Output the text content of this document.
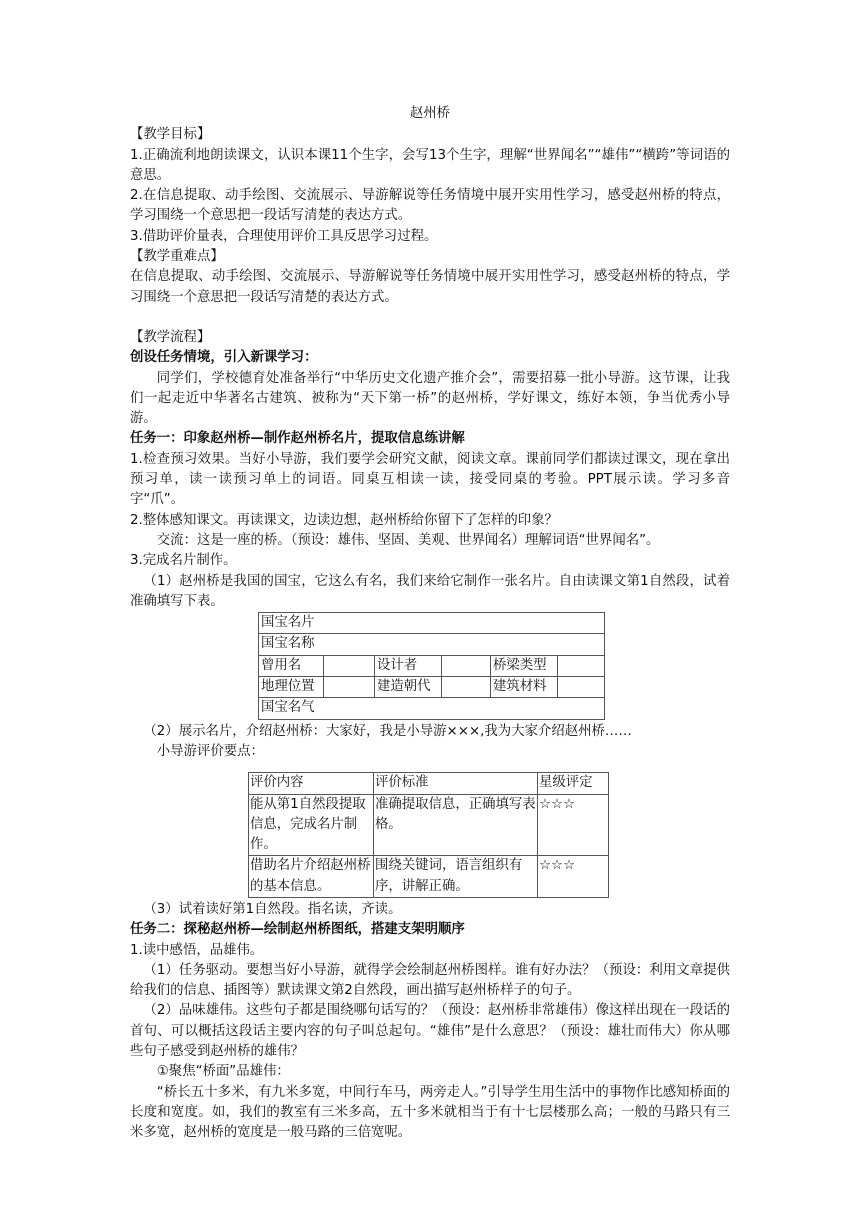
赵州桥
【教学目标】
1.正确流利地朗读课文，认识本课11个生字，会写13个生字，理解“世界闻名”“雄伟”“横跨”等词语的意思。
2.在信息提取、动手绘图、交流展示、导游解说等任务情境中展开实用性学习，感受赵州桥的特点，学习围绕一个意思把一段话写清楚的表达方式。
3.借助评价量表，合理使用评价工具反思学习过程。
【教学重难点】
在信息提取、动手绘图、交流展示、导游解说等任务情境中展开实用性学习，感受赵州桥的特点，学习围绕一个意思把一段话写清楚的表达方式。
【教学流程】
创设任务情境，引入新课学习：
同学们，学校德育处准备举行“中华历史文化遗产推介会”，需要招募一批小导游。这节课，让我们一起走近中华著名古建筑、被称为“天下第一桥”的赵州桥，学好课文，练好本领，争当优秀小导游。
任务一：印象赵州桥—制作赵州桥名片，提取信息练讲解
1.检查预习效果。当好小导游，我们要学会研究文献，阅读文章。课前同学们都读过课文，现在拿出预习单，读一读预习单上的词语。同桌互相读一读，接受同桌的考验。PPT展示读。学习多音字“爪”。
2.整体感知课文。再读课文，边读边想，赵州桥给你留下了怎样的印象？
交流：这是一座的桥。（预设：雄伟、坚固、美观、世界闻名）理解词语“世界闻名”。
3.完成名片制作。
（1）赵州桥是我国的国宝，它这么有名，我们来给它制作一张名片。自由读课文第1自然段，试着准确填写下表。
国宝名片					
国宝名称					
曾用名		设计者		桥梁类型	
地理位置		建造朝代		建筑材料	
国宝名气					
（2）展示名片，介绍赵州桥：大家好，我是小导游×××,我为大家介绍赵州桥……
小导游评价要点：
评价内容	评价标准	星级评定
能从第1自然段提取信息，完成名片制作。	准确提取信息，正确填写表格。	☆☆☆
借助名片介绍赵州桥的基本信息。	围绕关键词，语言组织有序，讲解正确。	☆☆☆
（3）试着读好第1自然段。指名读，齐读。
任务二：探秘赵州桥—绘制赵州桥图纸，搭建支架明顺序
1.读中感悟，品雄伟。
（1）任务驱动。要想当好小导游，就得学会绘制赵州桥图样。谁有好办法？（预设：利用文章提供给我们的信息、插图等）默读课文第2自然段，画出描写赵州桥样子的句子。
（2）品味雄伟。这些句子都是围绕哪句话写的？（预设：赵州桥非常雄伟）像这样出现在一段话的首句、可以概括这段话主要内容的句子叫总起句。“雄伟”是什么意思？（预设：雄壮而伟大）你从哪些句子感受到赵州桥的雄伟？
①聚焦“桥面”品雄伟：
“桥长五十多米，有九米多宽，中间行车马，两旁走人。”引导学生用生活中的事物作比感知桥面的长度和宽度。如，我们的教室有三米多高，五十多米就相当于有十七层楼那么高；一般的马路只有三米多宽，赵州桥的宽度是一般马路的三倍宽呢。
